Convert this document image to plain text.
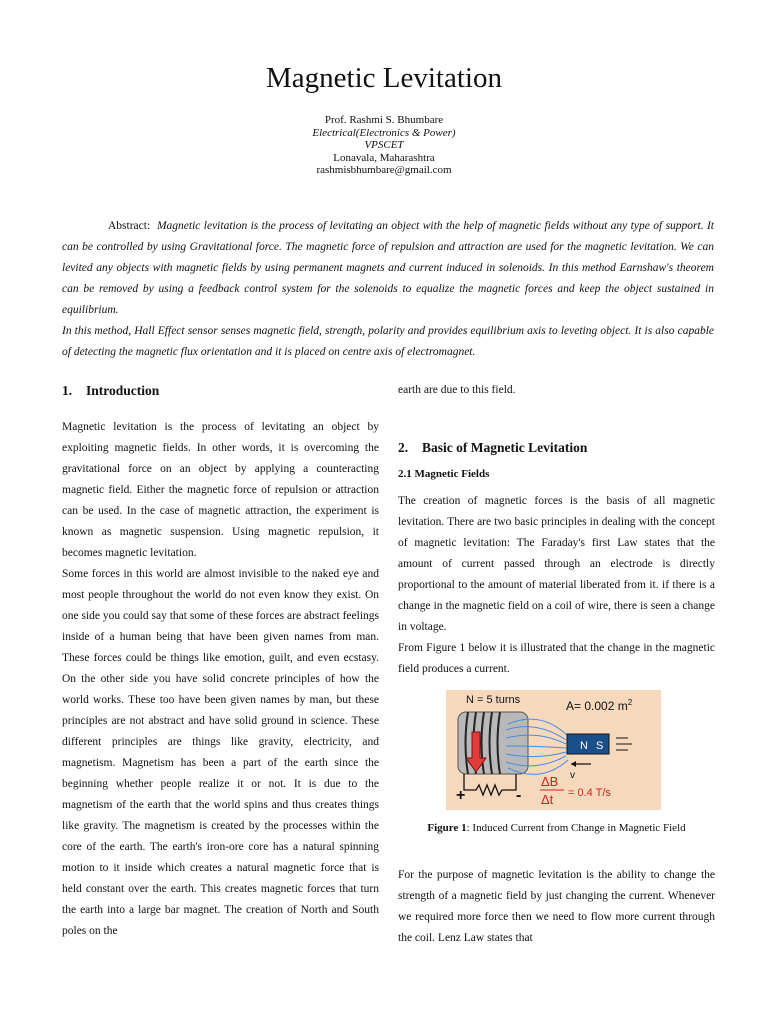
Magnetic Levitation
Prof. Rashmi S. Bhumbare
Electrical(Electronics & Power)
VPSCET
Lonavala, Maharashtra
rashmisbhumbare@gmail.com

Abstract: Magnetic levitation is the process of levitating an object with the help of magnetic fields without any type of support. It can be controlled by using Gravitational force. The magnetic force of repulsion and attraction are used for the magnetic levitation. We can levited any objects with magnetic fields by using permanent magnets and current induced in solenoids. In this method Earnshaw's theorem can be removed by using a feedback control system for the solenoids to equalize the magnetic forces and keep the object sustained in equilibrium.

In this method, Hall Effect sensor senses magnetic field, strength, polarity and provides equilibrium axis to leveting object. It is also capable of detecting the magnetic flux orientation and it is placed on centre axis of electromagnet.

1.	Introduction

Magnetic levitation is the process of levitating an object by exploiting magnetic fields. In other words, it is overcoming the gravitational force on an object by applying a counteracting magnetic field. Either the magnetic force of repulsion or attraction can be used. In the case of magnetic attraction, the experiment is known as magnetic suspension. Using magnetic repulsion, it becomes magnetic levitation.

Some forces in this world are almost invisible to the naked eye and most people throughout the world do not even know they exist. On one side you could say that some of these forces are abstract feelings inside of a human being that have been given names from man. These forces could be things like emotion, guilt, and even ecstasy. On the other side you have solid concrete principles of how the world works. These too have been given names by man, but these principles are not abstract and have solid ground in science. These different principles are things like gravity, electricity, and magnetism. Magnetism has been a part of the earth since the beginning whether people realize it or not. It is due to the magnetism of the earth that the world spins and thus creates things like gravity. The magnetism is created by the processes within the core of the earth. The earth's iron-ore core has a natural spinning motion to it inside which creates a natural magnetic force that is held constant over the earth. This creates magnetic forces that turn the earth into a large bar magnet. The creation of North and South poles on the

earth are due to this field.

2.	Basic of Magnetic Levitation
2.1 Magnetic Fields

The creation of magnetic forces is the basis of all magnetic levitation. There are two basic principles in dealing with the concept of magnetic levitation: The Faraday's first Law states that the amount of current passed through an electrode is directly proportional to the amount of material liberated from it. if there is a change in the magnetic field on a coil of wire, there is seen a change in voltage.

From Figure 1 below it is illustrated that the change in the magnetic field produces a current.

N = 5 turns	A= 0.002 $m^2$
N S
v
+	-
ΔB
Δt = 0.4 T/s
Figure 1: Induced Current from Change in Magnetic Field

For the purpose of magnetic levitation is the ability to change the strength of a magnetic field by just changing the current. Whenever we required more force then we need to flow more current through the coil. Lenz Law states that
